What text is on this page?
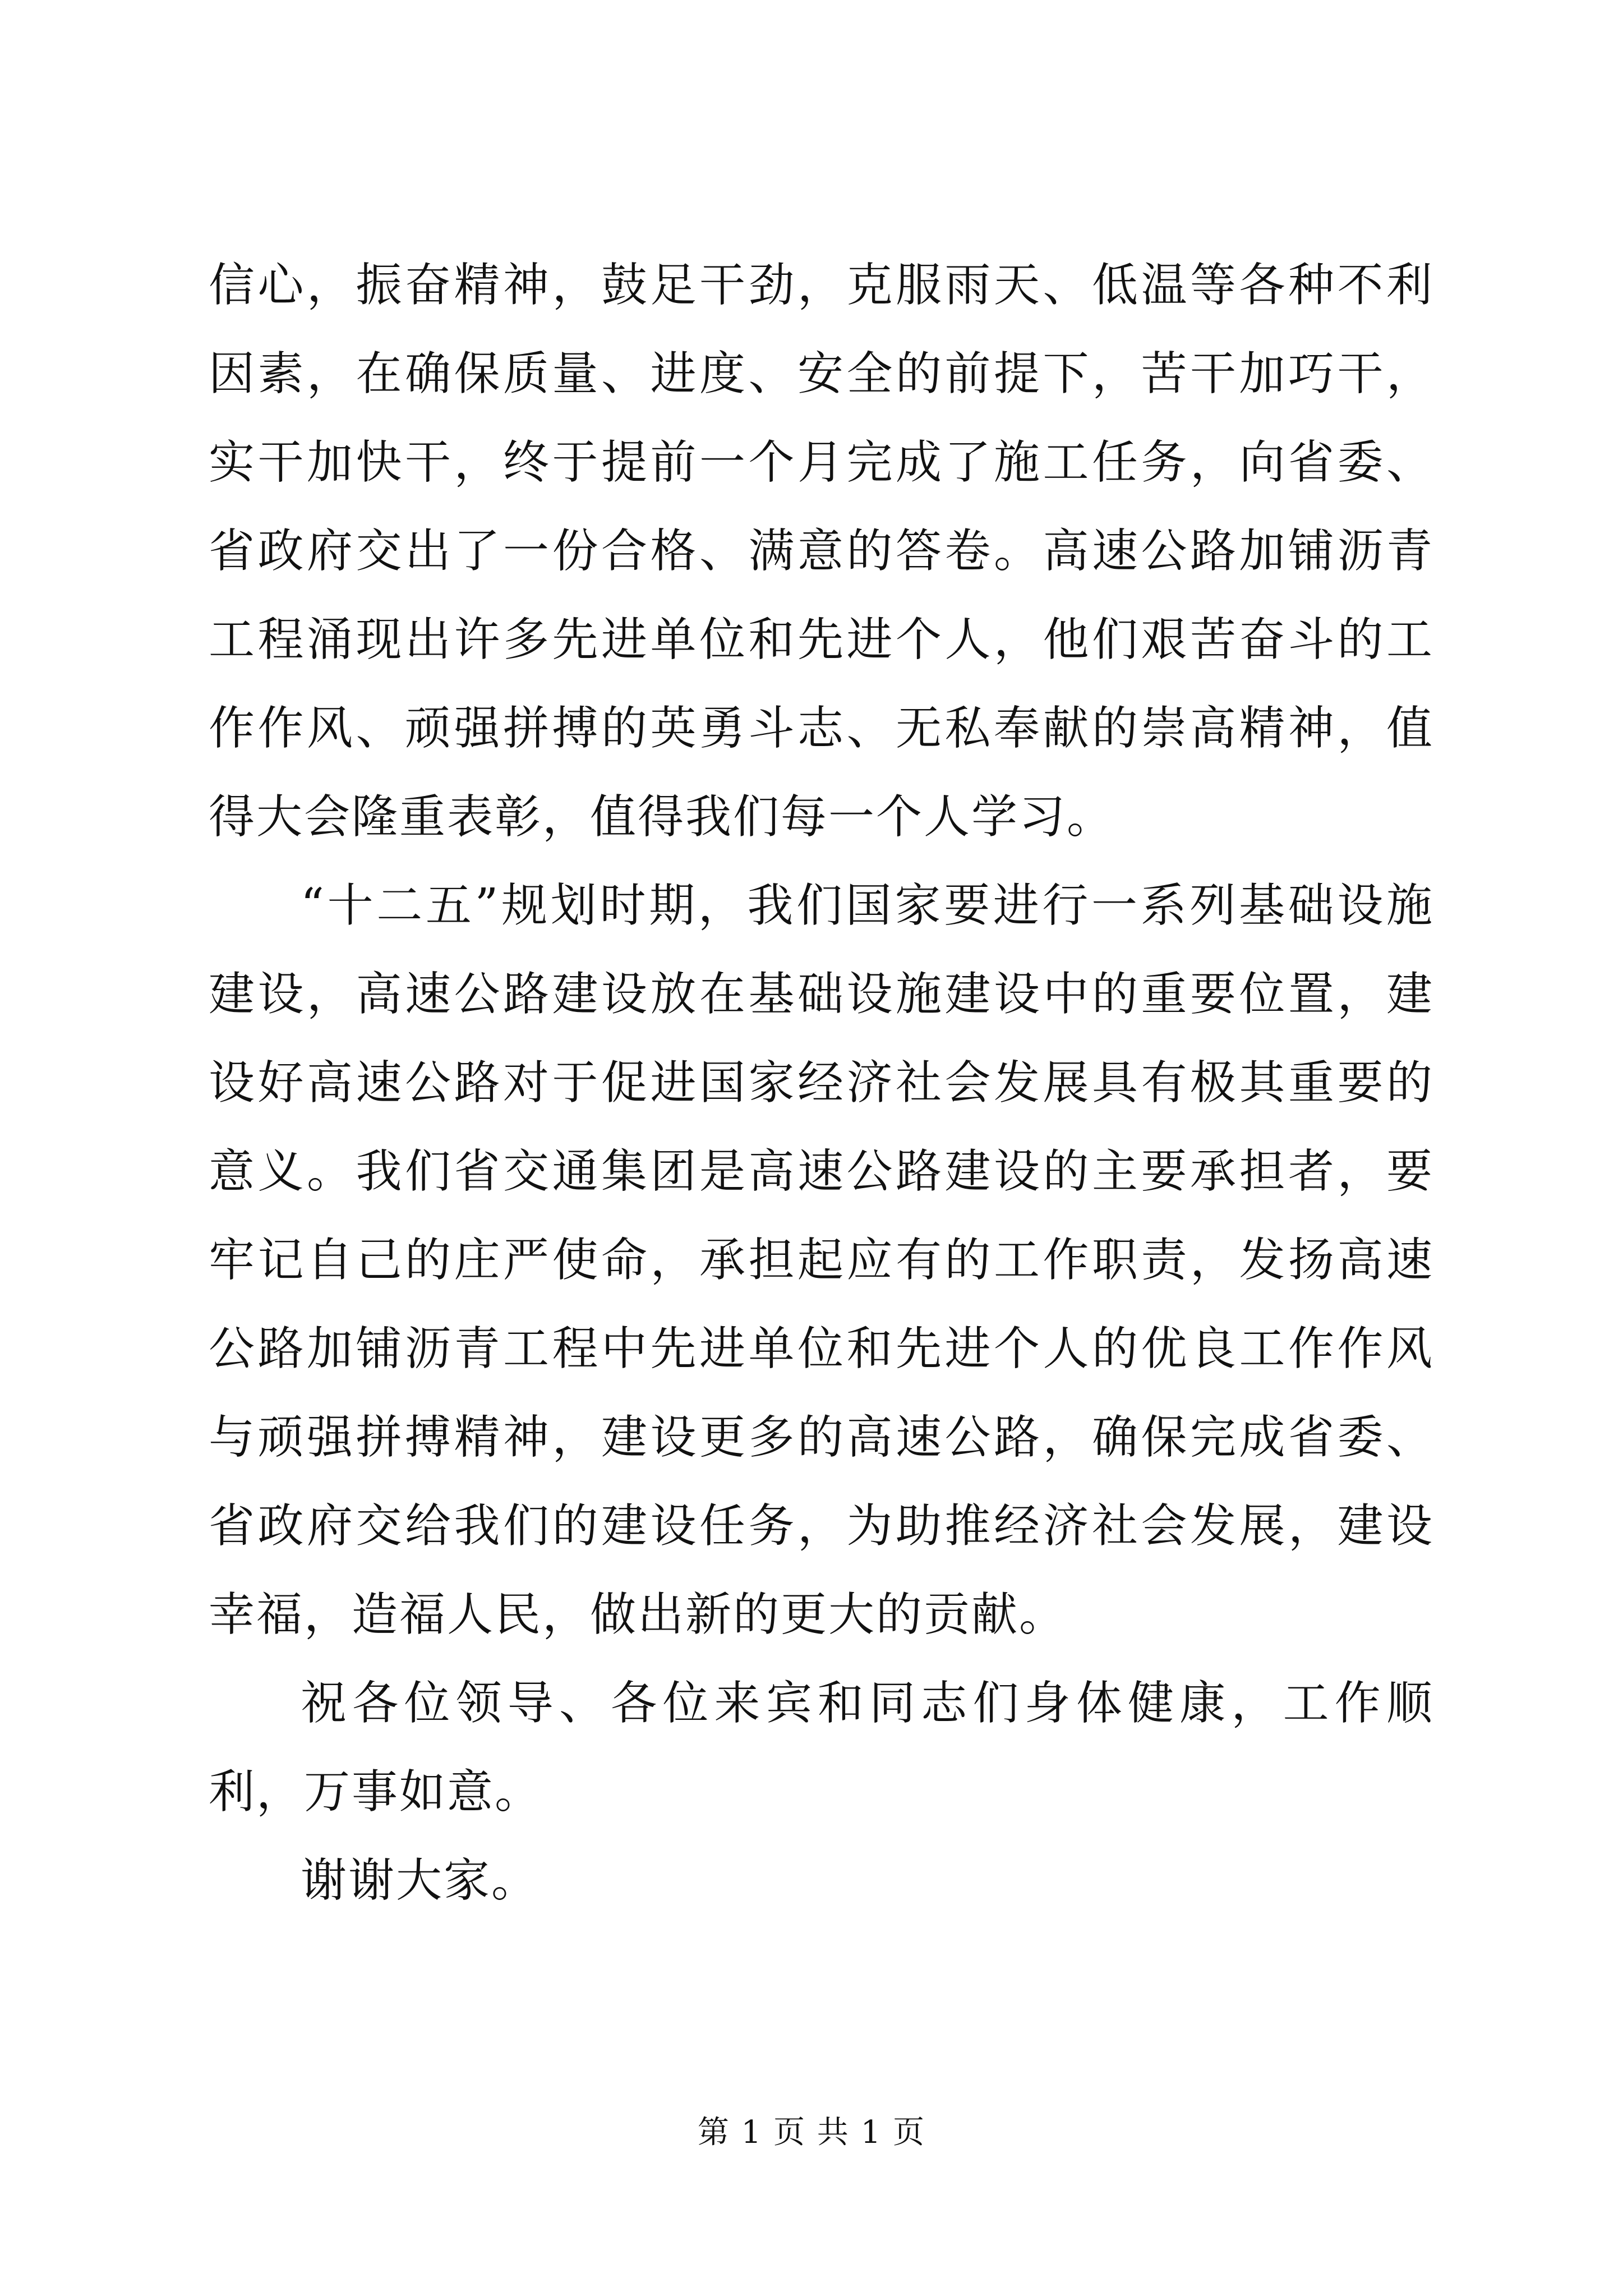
信心，振奋精神，鼓足干劲，克服雨天、低温等各种不利因素，在确保质量、进度、安全的前提下，苦干加巧干，实干加快干，终于提前一个月完成了施工任务，向省委、省政府交出了一份合格、满意的答卷。高速公路加铺沥青工程涌现出许多先进单位和先进个人，他们艰苦奋斗的工作作风、顽强拼搏的英勇斗志、无私奉献的崇高精神，值得大会隆重表彰，值得我们每一个人学习。

“十二五”规划时期，我们国家要进行一系列基础设施建设，高速公路建设放在基础设施建设中的重要位置，建设好高速公路对于促进国家经济社会发展具有极其重要的意义。我们省交通集团是高速公路建设的主要承担者，要牢记自己的庄严使命，承担起应有的工作职责，发扬高速公路加铺沥青工程中先进单位和先进个人的优良工作作风与顽强拼搏精神，建设更多的高速公路，确保完成省委、省政府交给我们的建设任务，为助推经济社会发展，建设幸福，造福人民，做出新的更大的贡献。

祝各位领导、各位来宾和同志们身体健康，工作顺利，万事如意。

谢谢大家。

第 1 页 共 1 页
